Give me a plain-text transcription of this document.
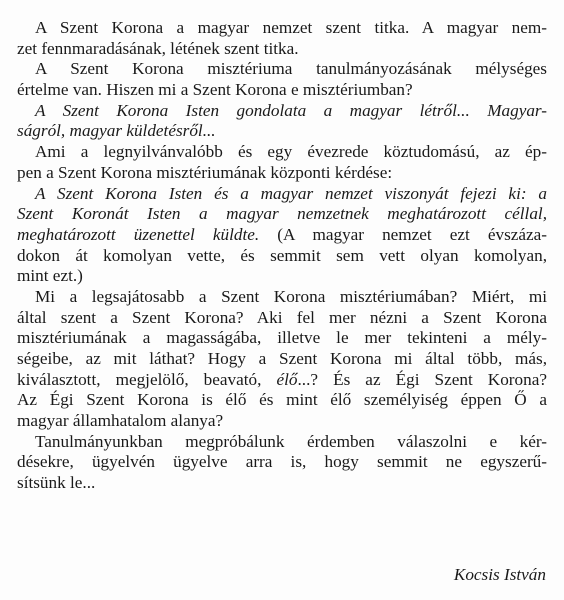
A Szent Korona a magyar nemzet szent titka. A magyar nem-
zet fennmaradásának, létének szent titka.
A Szent Korona misztériuma tanulmányozásának mélységes
értelme van. Hiszen mi a Szent Korona e misztériumban?
A Szent Korona Isten gondolata a magyar létről... Magyar-
ságról, magyar küldetésről...
Ami a legnyilvánvalóbb és egy évezrede köztudomású, az ép-
pen a Szent Korona misztériumának központi kérdése:
A Szent Korona Isten és a magyar nemzet viszonyát fejezi ki: a
Szent Koronát Isten a magyar nemzetnek meghatározott céllal,
meghatározott üzenettel küldte. (A magyar nemzet ezt évszáza-
dokon át komolyan vette, és semmit sem vett olyan komolyan,
mint ezt.)
Mi a legsajátosabb a Szent Korona misztériumában? Miért, mi
által szent a Szent Korona? Aki fel mer nézni a Szent Korona
misztériumának a magasságába, illetve le mer tekinteni a mély-
ségeibe, az mit láthat? Hogy a Szent Korona mi által több, más,
kiválasztott, megjelölő, beavató, élő...? És az Égi Szent Korona?
Az Égi Szent Korona is élő és mint élő személyiség éppen Ő a
magyar államhatalom alanya?
Tanulmányunkban megpróbálunk érdemben válaszolni e kér-
désekre, ügyelvén ügyelve arra is, hogy semmit ne egyszerű-
sítsünk le...
Kocsis István
